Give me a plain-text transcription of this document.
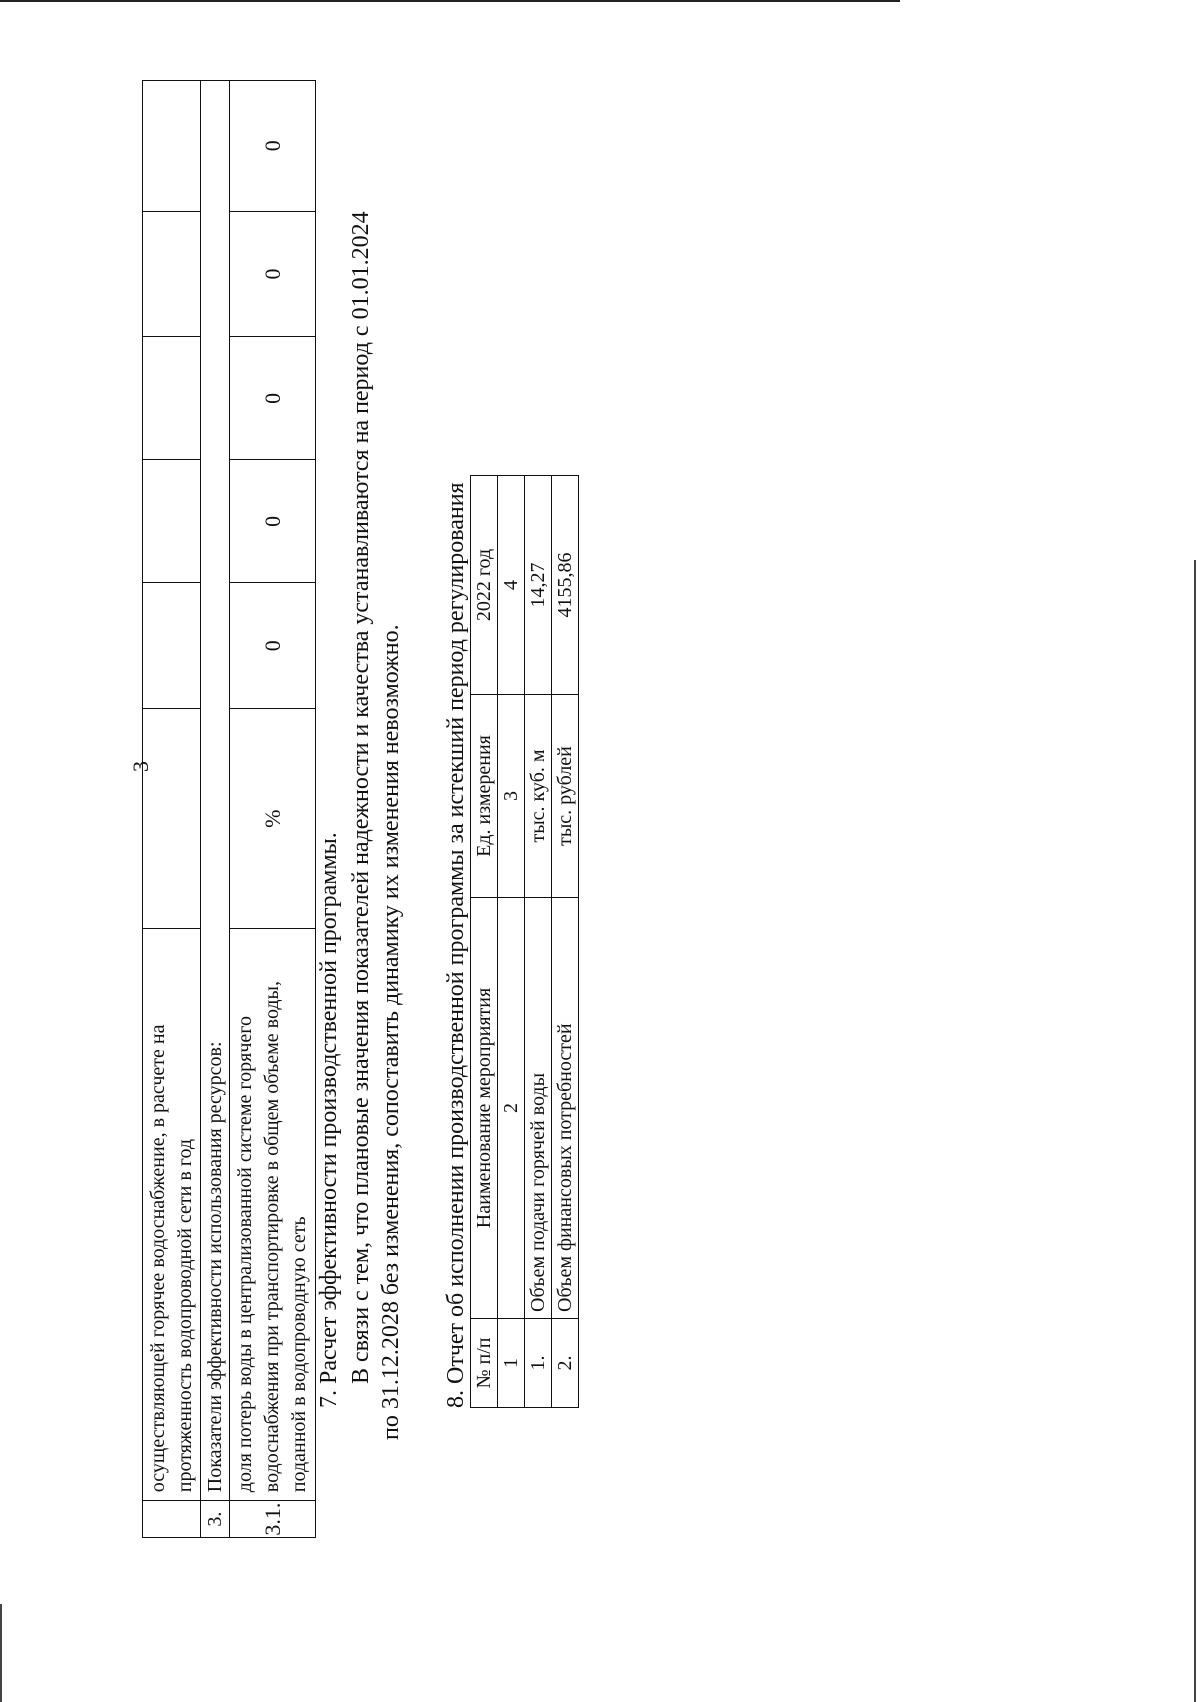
3
	осуществляющей горячее водоснабжение, в расчете на протяженность водопроводной сети в год						
3.	Показатели эффективности использования ресурсов:						
3.1.	доля потерь воды в централизованной системе горячего водоснабжения при транспортировке в общем объеме воды, поданной в водопроводную сеть	%	0	0	0	0	0
7. Расчет эффективности производственной программы. В связи с тем, что плановые значения показателей надежности и качества устанавливаются на период с 01.01.2024 по 31.12.2028 без изменения, сопоставить динамику их изменения невозможно. 8. Отчет об исполнении производственной программы за истекший период регулирования № п/п	Наименование мероприятия	Ед. измерения	2022 год
1	2	3	4
1.	Объем подачи горячей воды	тыс. куб. м	14,27
2.	Объем финансовых потребностей	тыс. рублей	4155,86
